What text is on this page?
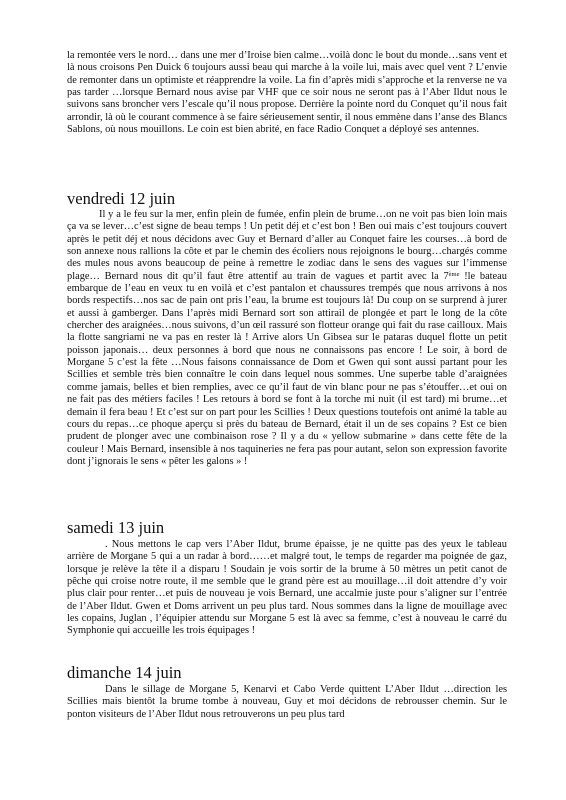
la remontée vers le nord… dans une mer d’Iroise bien calme…voilà donc le bout du monde…sans vent et là nous croisons Pen Duick 6 toujours aussi beau qui marche à la voile lui, mais avec quel vent ? L’envie de remonter dans un optimiste et réapprendre la voile. La fin d’après midi s’approche et la renverse ne va pas tarder …lorsque Bernard nous avise par VHF que ce soir nous ne seront pas à l’Aber Ildut nous le suivons sans broncher vers l’escale qu’il nous propose. Derrière la pointe nord du Conquet qu’il nous fait arrondir, là où le courant commence à se faire sérieusement sentir, il nous emmène dans l’anse des Blancs Sablons, où nous mouillons. Le coin est bien abrité, en face Radio Conquet a déployé ses antennes.
vendredi 12 juin
Il y a le feu sur la mer, enfin plein de fumée, enfin plein de brume…on ne voit pas bien loin mais ça va se lever…c’est signe de beau temps ! Un petit déj et c’est bon ! Ben oui mais c’est toujours couvert après le petit déj et nous décidons avec Guy et Bernard d’aller au Conquet faire les courses…à bord de son annexe nous rallions la côte et par le chemin des écoliers nous rejoignons le bourg…chargés comme des mules nous avons beaucoup de peine à remettre le zodiac dans le sens des vagues sur l’immense plage… Bernard nous dit qu’il faut être attentif au train de vagues et partit avec la 7ème !le bateau embarque de l’eau en veux tu en voilà et c’est pantalon et chaussures trempés que nous arrivons à nos bords respectifs…nos sac de pain ont pris l’eau, la brume est toujours là! Du coup on se surprend à jurer et aussi à gamberger. Dans l’après midi Bernard sort son attirail de plongée et part le long de la côte chercher des araignées…nous suivons, d’un œil rassuré son flotteur orange qui fait du rase cailloux. Mais la flotte sangriami ne va pas en rester là ! Arrive alors Un Gibsea sur le pataras duquel flotte un petit poisson japonais… deux personnes à bord que nous ne connaissons pas encore ! Le soir, à bord de Morgane 5 c’est la fête …Nous faisons connaissance de Dom et Gwen qui sont aussi partant pour les Scillies et semble très bien connaître le coin dans lequel nous sommes. Une superbe table d’araignées comme jamais, belles et bien remplies, avec ce qu’il faut de vin blanc pour ne pas s’étouffer…et oui on ne fait pas des métiers faciles ! Les retours à bord se font à la torche mi nuit (il est tard) mi brume…et demain il fera beau ! Et c’est sur on part pour les Scillies ! Deux questions toutefois ont animé la table au cours du repas…ce phoque aperçu si près du bateau de Bernard, était il un de ses copains ? Est ce bien prudent de plonger avec une combinaison rose ? Il y a du « yellow submarine » dans cette fête de la couleur ! Mais Bernard, insensible à nos taquineries ne fera pas pour autant, selon son expression favorite dont j’ignorais le sens « pêter les galons » !
samedi 13 juin
. Nous mettons le cap vers l’Aber Ildut, brume épaisse, je ne quitte pas des yeux le tableau arrière de Morgane 5 qui a un radar à bord……et malgré tout, le temps de regarder ma poignée de gaz, lorsque je relève la tête il a disparu ! Soudain je vois sortir de la brume à 50 mètres un petit canot de pêche qui croise notre route, il me semble que le grand père est au mouillage…il doit attendre d’y voir plus clair pour renter…et puis de nouveau je vois Bernard, une accalmie juste pour s’aligner sur l’entrée de l’Aber Ildut. Gwen et Doms arrivent un peu plus tard. Nous sommes dans la ligne de mouillage avec les copains, Juglan , l’équipier attendu sur Morgane 5 est là avec sa femme, c’est à nouveau le carré du Symphonie qui accueille les trois équipages !
dimanche 14 juin
Dans le sillage de Morgane 5, Kenarvi et Cabo Verde quittent L’Aber Ildut …direction les Scillies mais bientôt la brume tombe à nouveau, Guy et moi décidons de rebrousser chemin. Sur le ponton visiteurs de l’Aber Ildut nous retrouverons un peu plus tard
